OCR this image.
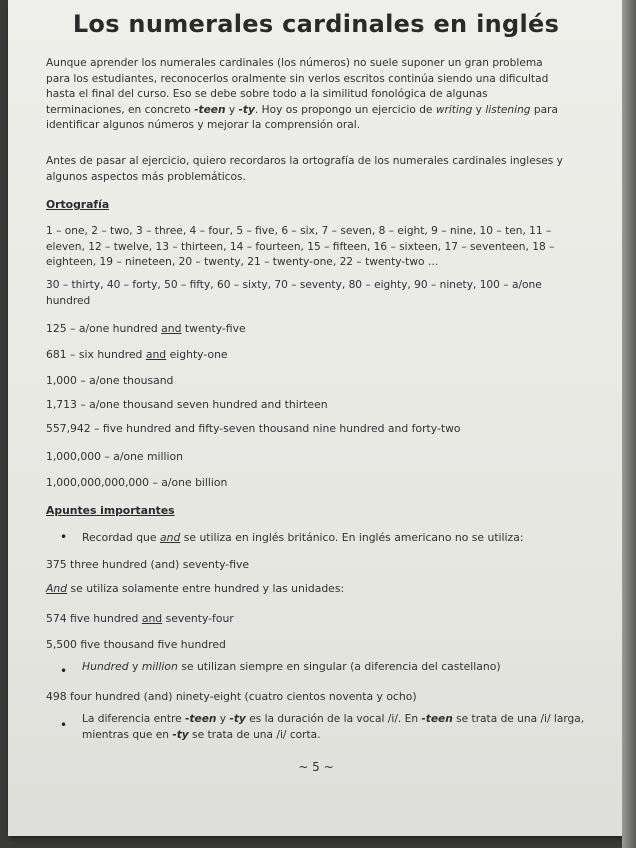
Los numerales cardinales en inglés
Aunque aprender los numerales cardinales (los números) no suele suponer un gran problema para los estudiantes, reconocerlos oralmente sin verlos escritos continúa siendo una dificultad hasta el final del curso. Eso se debe sobre todo a la similitud fonológica de algunas terminaciones, en concreto -teen y -ty. Hoy os propongo un ejercicio de writing y listening para identificar algunos números y mejorar la comprensión oral.
Antes de pasar al ejercicio, quiero recordaros la ortografía de los numerales cardinales ingleses y algunos aspectos más problemáticos.
Ortografía
1 – one, 2 – two, 3 – three, 4 – four, 5 – five, 6 – six, 7 – seven, 8 – eight, 9 – nine, 10 – ten, 11 – eleven, 12 – twelve, 13 – thirteen, 14 – fourteen, 15 – fifteen, 16 – sixteen, 17 – seventeen, 18 – eighteen, 19 – nineteen, 20 – twenty, 21 – twenty-one, 22 – twenty-two …
30 – thirty, 40 – forty, 50 – fifty, 60 – sixty, 70 – seventy, 80 – eighty, 90 – ninety, 100 – a/one hundred
125 – a/one hundred and twenty-five
681 – six hundred and eighty-one
1,000 – a/one thousand
1,713 – a/one thousand seven hundred and thirteen
557,942 – five hundred and fifty-seven thousand nine hundred and forty-two
1,000,000 – a/one million
1,000,000,000,000 – a/one billion
Apuntes importantes
• Recordad que and se utiliza en inglés británico. En inglés americano no se utiliza:
375 three hundred (and) seventy-five
And se utiliza solamente entre hundred y las unidades:
574 five hundred and seventy-four
5,500 five thousand five hundred
• Hundred y million se utilizan siempre en singular (a diferencia del castellano)
498 four hundred (and) ninety-eight (cuatro cientos noventa y ocho)
• La diferencia entre -teen y -ty es la duración de la vocal /i/. En -teen se trata de una /i/ larga, mientras que en -ty se trata de una /i/ corta.
~ 5 ~
